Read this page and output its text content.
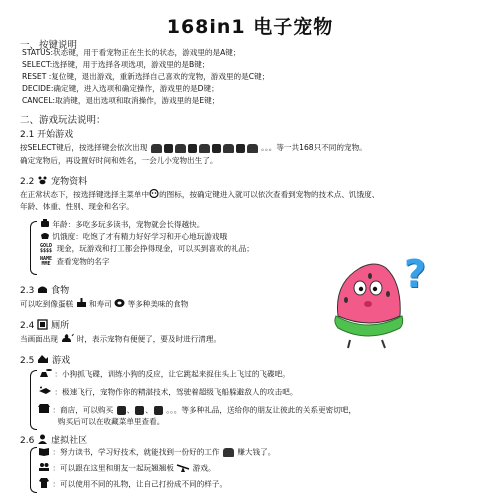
168in1 电子宠物
一、按键说明
STATUS:状态键，用于看宠物正在生长的状态，游戏里的是A键；
SELECT:选择键，用于选择各项选项，游戏里的是B键；
RESET :复位键，退出游戏，重新选择自己喜欢的宠物，游戏里的是C键；
DECIDE:确定键，进入选项和确定操作，游戏里的是D键；
CANCEL:取消键，退出选项和取消操作，游戏里的是E键；
二、游戏玩法说明：
2.1 开始游戏
按SELECT键后，按选择键会依次出现	。。。等一共168只不同的宠物。
确定宠物后，再设置好时间和姓名，一会儿小宠物出生了。
2.2 宠物资料
在正常状态下，按选择键选择主菜单中 的图标，按确定键进入就可以依次查看到宠物的技术点、饥饿度、
年龄、体重、性别、现金和名字。
年龄：多吃多玩多读书，宠物就会长得越快。
饥饿度：吃饱了才有精力好好学习和开心地玩游戏哦
GOLD
$$$$ 现金，玩游戏和打工都会挣得现金，可以买到喜欢的礼品；
NAME
MME 查看宠物的名字	?
2.3 食物
可以吃到像蛋糕 和寿司 等多种美味的食物
2.4 厕所
当画面出现 时，表示宠物有便便了，要及时进行清理。
2.5 游戏
：小狗抓飞碟，训练小狗的反应，让它跳起来捉住头上飞过的飞碟吧。
：极速飞行，宠物作你的精湛技术，驾驶着超级飞船躲避敌人的攻击吧。
：商店，可以购买 、 、 。。。等多种礼品，送给你的朋友让彼此的关系更密切吧，
购买后可以在收藏菜单里查看。
2.6 虚拟社区
：努力读书，学习好技术，就能找到一份好的工作 赚大钱了。
：可以跟在这里和朋友一起玩翘翘板 游戏。
：可以使用不同的礼物，让自己打扮成不同的样子。
